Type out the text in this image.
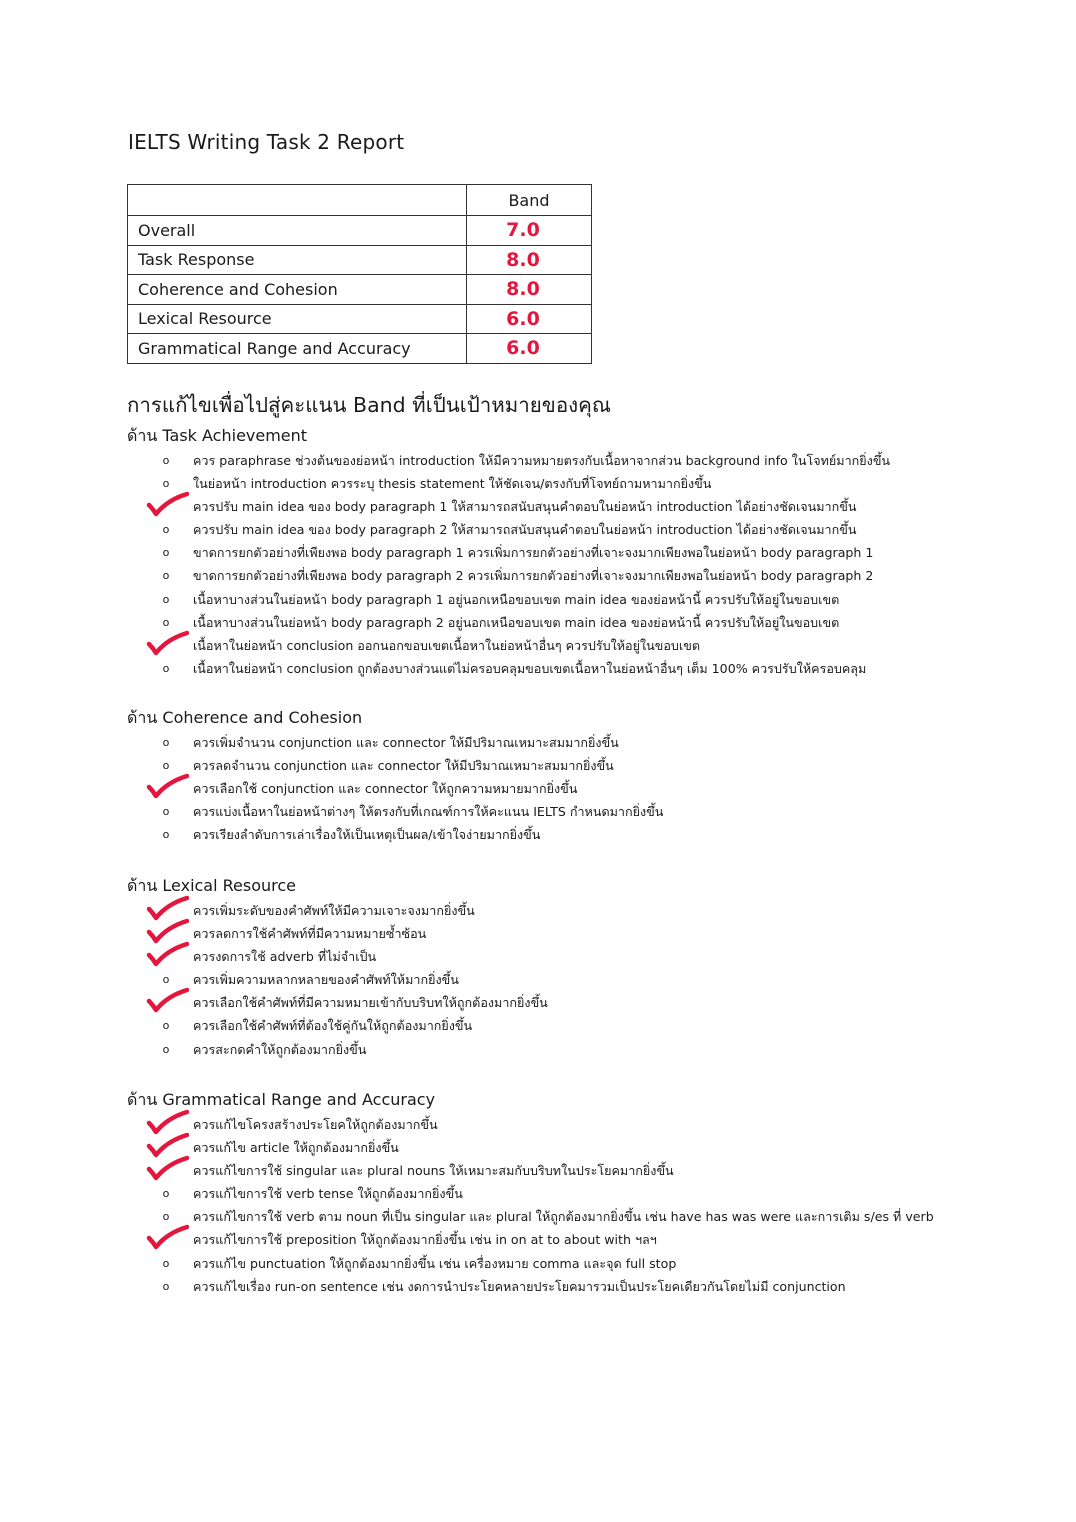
IELTS Writing Task 2 Report
	Band
Overall	7.0
Task Response	8.0
Coherence and Cohesion	8.0
Lexical Resource	6.0
Grammatical Range and Accuracy	6.0
การแก้ไขเพื่อไปสู่คะแนน Band ที่เป็นเป้าหมายของคุณ
ด้าน Task Achievement
o ควร paraphrase ช่วงต้นของย่อหน้า introduction ให้มีความหมายตรงกับเนื้อหาจากส่วน background info ในโจทย์มากยิ่งขึ้น
o ในย่อหน้า introduction ควรระบุ thesis statement ให้ชัดเจน/ตรงกับที่โจทย์ถามหามากยิ่งขึ้น
ควรปรับ main idea ของ body paragraph 1 ให้สามารถสนับสนุนคำตอบในย่อหน้า introduction ได้อย่างชัดเจนมากขึ้น
o ควรปรับ main idea ของ body paragraph 2 ให้สามารถสนับสนุนคำตอบในย่อหน้า introduction ได้อย่างชัดเจนมากขึ้น
o ขาดการยกตัวอย่างที่เพียงพอ body paragraph 1 ควรเพิ่มการยกตัวอย่างที่เจาะจงมากเพียงพอในย่อหน้า body paragraph 1
o ขาดการยกตัวอย่างที่เพียงพอ body paragraph 2 ควรเพิ่มการยกตัวอย่างที่เจาะจงมากเพียงพอในย่อหน้า body paragraph 2
o เนื้อหาบางส่วนในย่อหน้า body paragraph 1 อยู่นอกเหนือขอบเขต main idea ของย่อหน้านี้ ควรปรับให้อยู่ในขอบเขต
o เนื้อหาบางส่วนในย่อหน้า body paragraph 2 อยู่นอกเหนือขอบเขต main idea ของย่อหน้านี้ ควรปรับให้อยู่ในขอบเขต
เนื้อหาในย่อหน้า conclusion ออกนอกขอบเขตเนื้อหาในย่อหน้าอื่นๆ ควรปรับให้อยู่ในขอบเขต
o เนื้อหาในย่อหน้า conclusion ถูกต้องบางส่วนแต่ไม่ครอบคลุมขอบเขตเนื้อหาในย่อหน้าอื่นๆ เต็ม 100% ควรปรับให้ครอบคลุม
ด้าน Coherence and Cohesion
o ควรเพิ่มจำนวน conjunction และ connector ให้มีปริมาณเหมาะสมมากยิ่งขึ้น
o ควรลดจำนวน conjunction และ connector ให้มีปริมาณเหมาะสมมากยิ่งขึ้น
ควรเลือกใช้ conjunction และ connector ให้ถูกความหมายมากยิ่งขึ้น
o ควรแบ่งเนื้อหาในย่อหน้าต่างๆ ให้ตรงกับที่เกณฑ์การให้คะแนน IELTS กำหนดมากยิ่งขึ้น
o ควรเรียงลำดับการเล่าเรื่องให้เป็นเหตุเป็นผล/เข้าใจง่ายมากยิ่งขึ้น
ด้าน Lexical Resource
ควรเพิ่มระดับของคำศัพท์ให้มีความเจาะจงมากยิ่งขึ้น
ควรลดการใช้คำศัพท์ที่มีความหมายซ้ำซ้อน
ควรงดการใช้ adverb ที่ไม่จำเป็น
o ควรเพิ่มความหลากหลายของคำศัพท์ให้มากยิ่งขึ้น
ควรเลือกใช้คำศัพท์ที่มีความหมายเข้ากับบริบทให้ถูกต้องมากยิ่งขึ้น
o ควรเลือกใช้คำศัพท์ที่ต้องใช้คู่กันให้ถูกต้องมากยิ่งขึ้น
o ควรสะกดคำให้ถูกต้องมากยิ่งขึ้น
ด้าน Grammatical Range and Accuracy
ควรแก้ไขโครงสร้างประโยคให้ถูกต้องมากขึ้น
ควรแก้ไข article ให้ถูกต้องมากยิ่งขึ้น
ควรแก้ไขการใช้ singular และ plural nouns ให้เหมาะสมกับบริบทในประโยคมากยิ่งขึ้น
o ควรแก้ไขการใช้ verb tense ให้ถูกต้องมากยิ่งขึ้น
o ควรแก้ไขการใช้ verb ตาม noun ที่เป็น singular และ plural ให้ถูกต้องมากยิ่งขึ้น เช่น have has was were และการเติม s/es ที่ verb
ควรแก้ไขการใช้ preposition ให้ถูกต้องมากยิ่งขึ้น เช่น in on at to about with ฯลฯ
o ควรแก้ไข punctuation ให้ถูกต้องมากยิ่งขึ้น เช่น เครื่องหมาย comma และจุด full stop
o ควรแก้ไขเรื่อง run-on sentence เช่น งดการนำประโยคหลายประโยคมารวมเป็นประโยคเดียวกันโดยไม่มี conjunction
